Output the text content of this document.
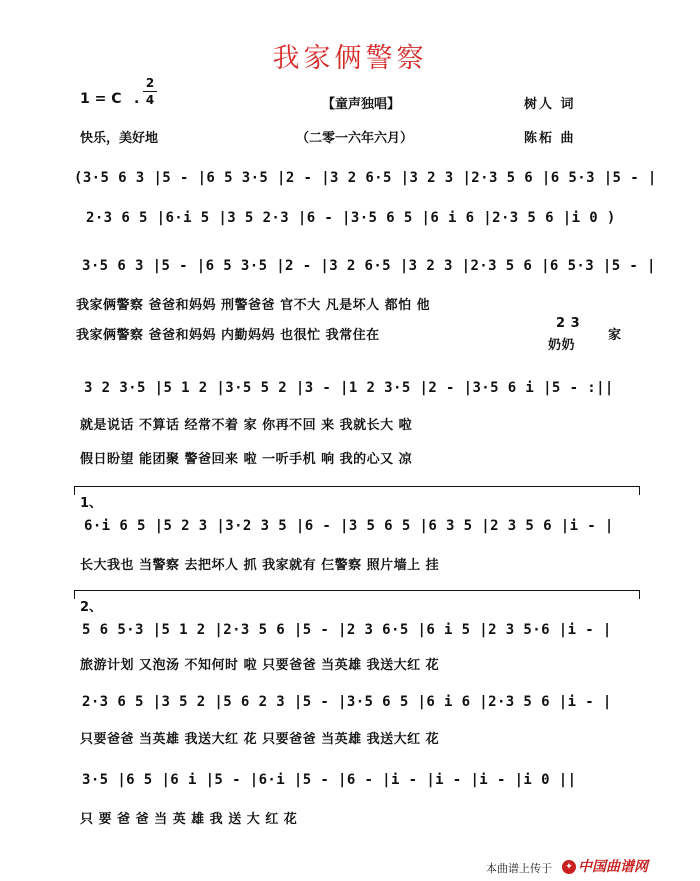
我家俩警察
1 = C .
2
4	【童声独唱】	树人 词
快乐，美好地	（二零一六年六月）	陈柘 曲
(3·5 6 3 |5 - |6 5 3·5 |2 - |3 2 6·5 |3 2 3 |2·3 5 6 |6 5·3 |5 - |
2·3 6 5 |6·i 5 |3 5 2·3 |6 - |3·5 6 5 |6 i 6 |2·3 5 6 |i 0 )
3·5 6 3 |5 - |6 5 3·5 |2 - |3 2 6·5 |3 2 3 |2·3 5 6 |6 5·3 |5 - |
我家俩警察 爸爸和妈妈 刑警爸爸 官不大 凡是坏人 都怕 他
我家俩警察 爸爸和妈妈 内勤妈妈 也很忙 我常住在
2 3
奶奶
家
3 2 3·5 |5 1 2 |3·5 5 2 |3 - |1 2 3·5 |2 - |3·5 6 i |5 - :||
就是说话 不算话 经常不着 家 你再不回 来 我就长大 啦
假日盼望 能团聚 警爸回来 啦 一听手机 响 我的心又 凉
1、
6·i 6 5 |5 2 3 |3·2 3 5 |6 - |3 5 6 5 |6 3 5 |2 3 5 6 |i - |
长大我也 当警察 去把坏人 抓 我家就有 仨警察 照片墙上 挂
2、
5 6 5·3 |5 1 2 |2·3 5 6 |5 - |2 3 6·5 |6 i 5 |2 3 5·6 |i - |
旅游计划 又泡汤 不知何时 啦 只要爸爸 当英雄 我送大红 花
2·3 6 5 |3 5 2 |5 6 2 3 |5 - |3·5 6 5 |6 i 6 |2·3 5 6 |i - |
只要爸爸 当英雄 我送大红 花 只要爸爸 当英雄 我送大红 花
3·5 |6 5 |6 i |5 - |6·i |5 - |6 - |i - |i - |i - |i 0 ||
只 要 爸 爸 当 英 雄 我 送 大 红 花
本曲谱上传于	✦ 中国曲谱网
